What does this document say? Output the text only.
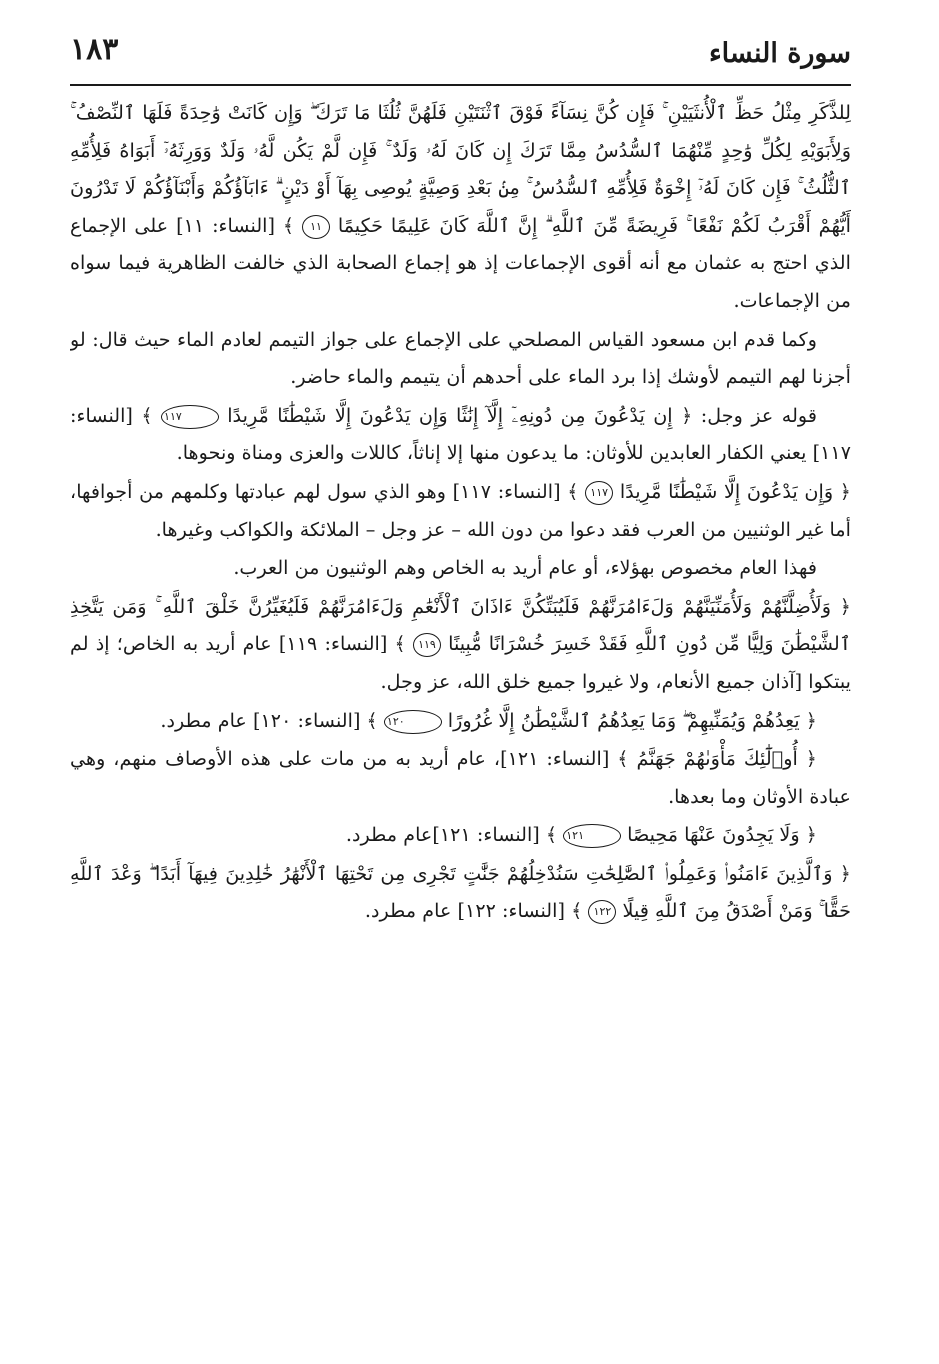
سورة النساء
١٨٣

لِلذَّكَرِ مِثْلُ حَظِّ ٱلْأُنثَيَيْنِ ۚ فَإِن كُنَّ نِسَآءً فَوْقَ ٱثْنَتَيْنِ فَلَهُنَّ ثُلُثَا مَا تَرَكَ ۖ وَإِن كَانَتْ وَٰحِدَةً فَلَهَا ٱلنِّصْفُ ۚ وَلِأَبَوَيْهِ لِكُلِّ وَٰحِدٍ مِّنْهُمَا ٱلسُّدُسُ مِمَّا تَرَكَ إِن كَانَ لَهُۥ وَلَدٌ ۚ فَإِن لَّمْ يَكُن لَّهُۥ وَلَدٌ وَوَرِثَهُۥٓ أَبَوَاهُ فَلِأُمِّهِ ٱلثُّلُثُ ۚ فَإِن كَانَ لَهُۥٓ إِخْوَةٌ فَلِأُمِّهِ ٱلسُّدُسُ ۚ مِنۢ بَعْدِ وَصِيَّةٍ يُوصِى بِهَآ أَوْ دَيْنٍ ۗ ءَابَآؤُكُمْ وَأَبْنَآؤُكُمْ لَا تَدْرُونَ أَيُّهُمْ أَقْرَبُ لَكُمْ نَفْعًا ۚ فَرِيضَةً مِّنَ ٱللَّهِ ۗ إِنَّ ٱللَّهَ كَانَ عَلِيمًا حَكِيمًا ١١ ﴾ [النساء: ١١] على الإجماع الذي احتج به عثمان مع أنه أقوى الإجماعات إذ هو إجماع الصحابة الذي خالفت الظاهرية فيما سواه من الإجماعات.

وكما قدم ابن مسعود القياس المصلحي على الإجماع على جواز التيمم لعادم الماء حيث قال: لو أجزنا لهم التيمم لأوشك إذا برد الماء على أحدهم أن يتيمم والماء حاضر.

قوله عز وجل: ﴿ إِن يَدْعُونَ مِن دُونِهِۦٓ إِلَّآ إِنَٰثًا وَإِن يَدْعُونَ إِلَّا شَيْطَٰنًا مَّرِيدًا ١١٧ ﴾ [النساء: ١١٧] يعني الكفار العابدين للأوثان: ما يدعون منها إلا إناثاً، كاللات والعزى ومناة ونحوها.

﴿ وَإِن يَدْعُونَ إِلَّا شَيْطَٰنًا مَّرِيدًا ١١٧ ﴾ [النساء: ١١٧] وهو الذي سول لهم عبادتها وكلمهم من أجوافها، أما غير الوثنيين من العرب فقد دعوا من دون الله – عز وجل – الملائكة والكواكب وغيرها.

فهذا العام مخصوص بهؤلاء، أو عام أريد به الخاص وهم الوثنيون من العرب.

﴿ وَلَأُضِلَّنَّهُمْ وَلَأُمَنِّيَنَّهُمْ وَلَءَامُرَنَّهُمْ فَلَيُبَتِّكُنَّ ءَاذَانَ ٱلْأَنْعَٰمِ وَلَءَامُرَنَّهُمْ فَلَيُغَيِّرُنَّ خَلْقَ ٱللَّهِ ۚ وَمَن يَتَّخِذِ ٱلشَّيْطَٰنَ وَلِيًّا مِّن دُونِ ٱللَّهِ فَقَدْ خَسِرَ خُسْرَانًا مُّبِينًا ١١٩ ﴾ [النساء: ١١٩] عام أريد به الخاص؛ إذ لم يبتكوا [آذان جميع الأنعام، ولا غيروا جميع خلق الله، عز وجل.

﴿ يَعِدُهُمْ وَيُمَنِّيهِمْ ۖ وَمَا يَعِدُهُمُ ٱلشَّيْطَٰنُ إِلَّا غُرُورًا ١٢٠ ﴾ [النساء: ١٢٠] عام مطرد.

﴿ أُو۟لَٰٓئِكَ مَأْوَىٰهُمْ جَهَنَّمُ ﴾ [النساء: ١٢١]، عام أريد به من مات على هذه الأوصاف منهم، وهي عبادة الأوثان وما بعدها.

﴿ وَلَا يَجِدُونَ عَنْهَا مَحِيصًا ١٢١ ﴾ [النساء: ١٢١]عام مطرد.

﴿ وَٱلَّذِينَ ءَامَنُوا۟ وَعَمِلُوا۟ ٱلصَّٰلِحَٰتِ سَنُدْخِلُهُمْ جَنَّٰتٍ تَجْرِى مِن تَحْتِهَا ٱلْأَنْهَٰرُ خَٰلِدِينَ فِيهَآ أَبَدًا ۖ وَعْدَ ٱللَّهِ حَقًّا ۚ وَمَنْ أَصْدَقُ مِنَ ٱللَّهِ قِيلًا ١٢٢ ﴾ [النساء: ١٢٢] عام مطرد.
